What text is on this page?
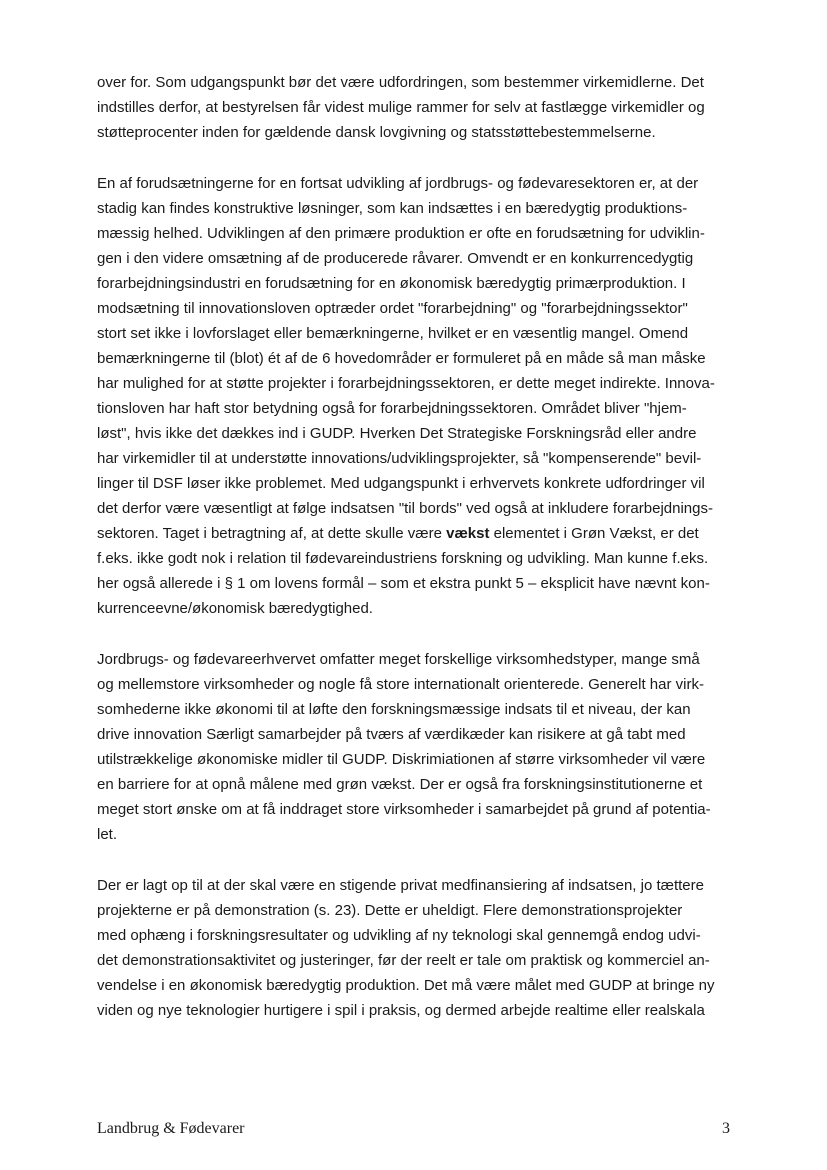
over for. Som udgangspunkt bør det være udfordringen, som bestemmer virkemidlerne. Det
indstilles derfor, at bestyrelsen får videst mulige rammer for selv at fastlægge virkemidler og
støtteprocenter inden for gældende dansk lovgivning og statsstøttebestemmelserne.
En af forudsætningerne for en fortsat udvikling af jordbrugs- og fødevaresektoren er, at der
stadig kan findes konstruktive løsninger, som kan indsættes i en bæredygtig produktions-
mæssig helhed. Udviklingen af den primære produktion er ofte en forudsætning for udviklin-
gen i den videre omsætning af de producerede råvarer. Omvendt er en konkurrencedygtig
forarbejdningsindustri en forudsætning for en økonomisk bæredygtig primærproduktion. I
modsætning til innovationsloven optræder ordet "forarbejdning" og "forarbejdningssektor"
stort set ikke i lovforslaget eller bemærkningerne, hvilket er en væsentlig mangel. Omend
bemærkningerne til (blot) ét af de 6 hovedområder er formuleret på en måde så man måske
har mulighed for at støtte projekter i forarbejdningssektoren, er dette meget indirekte. Innova-
tionsloven har haft stor betydning også for forarbejdningssektoren. Området bliver "hjem-
løst", hvis ikke det dækkes ind i GUDP. Hverken Det Strategiske Forskningsråd eller andre
har virkemidler til at understøtte innovations/udviklingsprojekter, så "kompenserende" bevil-
linger til DSF løser ikke problemet. Med udgangspunkt i erhvervets konkrete udfordringer vil
det derfor være væsentligt at følge indsatsen "til bords" ved også at inkludere forarbejdnings-
sektoren. Taget i betragtning af, at dette skulle være vækst elementet i Grøn Vækst, er det
f.eks. ikke godt nok i relation til fødevareindustriens forskning og udvikling. Man kunne f.eks.
her også allerede i § 1 om lovens formål – som et ekstra punkt 5 – eksplicit have nævnt kon-
kurrenceevne/økonomisk bæredygtighed.
Jordbrugs- og fødevareerhvervet omfatter meget forskellige virksomhedstyper, mange små
og mellemstore virksomheder og nogle få store internationalt orienterede. Generelt har virk-
somhederne ikke økonomi til at løfte den forskningsmæssige indsats til et niveau, der kan
drive innovation Særligt samarbejder på tværs af værdikæder kan risikere at gå tabt med
utilstrækkelige økonomiske midler til GUDP. Diskrimiationen af større virksomheder vil være
en barriere for at opnå målene med grøn vækst. Der er også fra forskningsinstitutionerne et
meget stort ønske om at få inddraget store virksomheder i samarbejdet på grund af potentia-
let.
Der er lagt op til at der skal være en stigende privat medfinansiering af indsatsen, jo tættere
projekterne er på demonstration (s. 23). Dette er uheldigt. Flere demonstrationsprojekter
med ophæng i forskningsresultater og udvikling af ny teknologi skal gennemgå endog udvi-
det demonstrationsaktivitet og justeringer, før der reelt er tale om praktisk og kommerciel an-
vendelse i en økonomisk bæredygtig produktion. Det må være målet med GUDP at bringe ny
viden og nye teknologier hurtigere i spil i praksis, og dermed arbejde realtime eller realskala
Landbrug & Fødevarer	3
